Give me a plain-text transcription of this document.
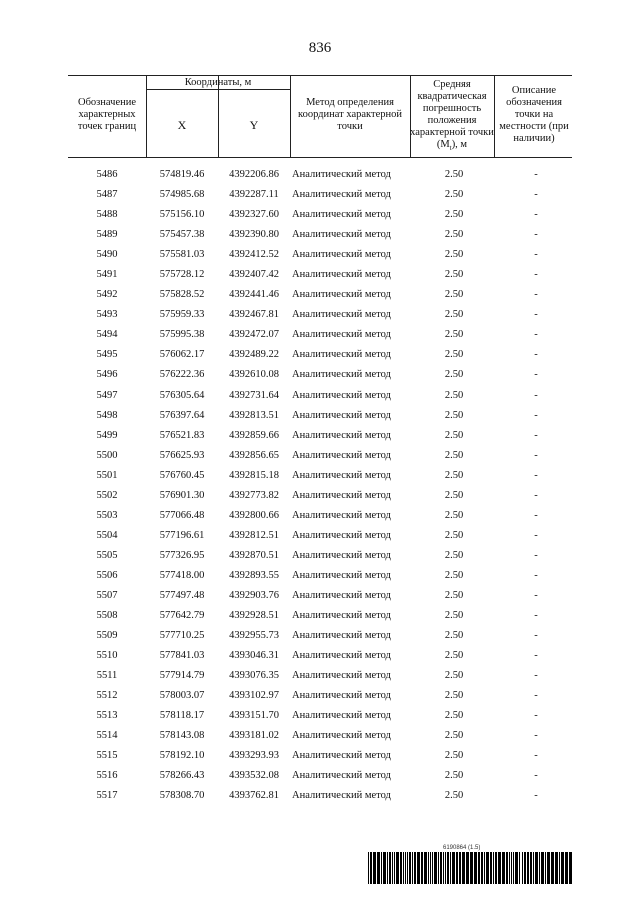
836
Обозначение характерных точек границ
Координаты, м
X	Y
Метод определения координат характерной точки
Средняя квадратическая погрешность положения характерной точки $(M_t)$, м
Описание обозначения точки на местности (при наличии)
5486	574819.46	4392206.86	Аналитический метод	2.50	-
5487	574985.68	4392287.11	Аналитический метод	2.50	-
5488	575156.10	4392327.60	Аналитический метод	2.50	-
5489	575457.38	4392390.80	Аналитический метод	2.50	-
5490	575581.03	4392412.52	Аналитический метод	2.50	-
5491	575728.12	4392407.42	Аналитический метод	2.50	-
5492	575828.52	4392441.46	Аналитический метод	2.50	-
5493	575959.33	4392467.81	Аналитический метод	2.50	-
5494	575995.38	4392472.07	Аналитический метод	2.50	-
5495	576062.17	4392489.22	Аналитический метод	2.50	-
5496	576222.36	4392610.08	Аналитический метод	2.50	-
5497	576305.64	4392731.64	Аналитический метод	2.50	-
5498	576397.64	4392813.51	Аналитический метод	2.50	-
5499	576521.83	4392859.66	Аналитический метод	2.50	-
5500	576625.93	4392856.65	Аналитический метод	2.50	-
5501	576760.45	4392815.18	Аналитический метод	2.50	-
5502	576901.30	4392773.82	Аналитический метод	2.50	-
5503	577066.48	4392800.66	Аналитический метод	2.50	-
5504	577196.61	4392812.51	Аналитический метод	2.50	-
5505	577326.95	4392870.51	Аналитический метод	2.50	-
5506	577418.00	4392893.55	Аналитический метод	2.50	-
5507	577497.48	4392903.76	Аналитический метод	2.50	-
5508	577642.79	4392928.51	Аналитический метод	2.50	-
5509	577710.25	4392955.73	Аналитический метод	2.50	-
5510	577841.03	4393046.31	Аналитический метод	2.50	-
5511	577914.79	4393076.35	Аналитический метод	2.50	-
5512	578003.07	4393102.97	Аналитический метод	2.50	-
5513	578118.17	4393151.70	Аналитический метод	2.50	-
5514	578143.08	4393181.02	Аналитический метод	2.50	-
5515	578192.10	4393293.93	Аналитический метод	2.50	-
5516	578266.43	4393532.08	Аналитический метод	2.50	-
5517	578308.70	4393762.81	Аналитический метод	2.50	-
6190864 (1.5)
